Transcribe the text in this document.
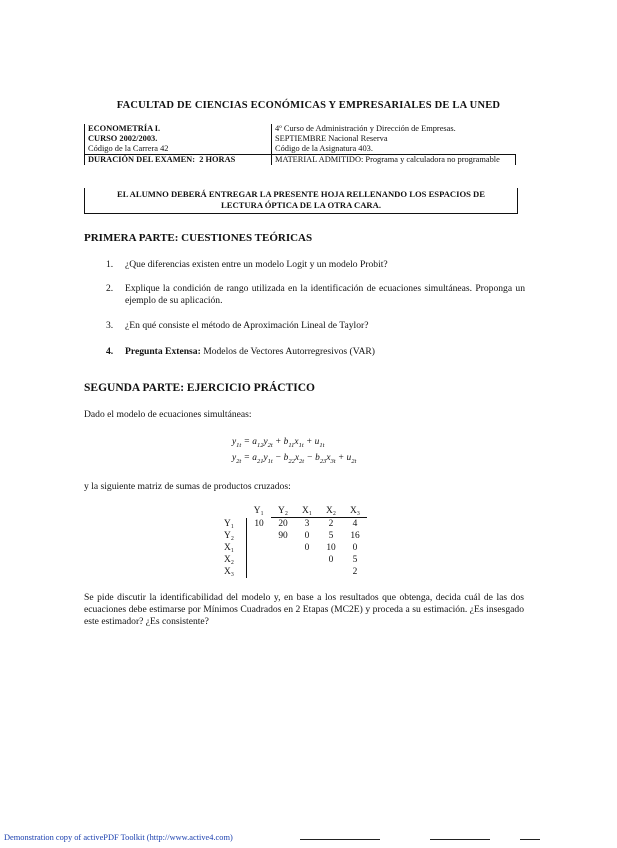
FACULTAD DE CIENCIAS ECONÓMICAS Y EMPRESARIALES DE LA UNED
ECONOMETRÍA I.	4º Curso de Administración y Dirección de Empresas.
CURSO 2002/2003.	SEPTIEMBRE Nacional Reserva
Código de la Carrera 42	Código de la Asignatura 403.
DURACIÓN DEL EXAMEN: 2 HORAS	MATERIAL ADMITIDO: Programa y calculadora no programable
EL ALUMNO DEBERÁ ENTREGAR LA PRESENTE HOJA RELLENANDO LOS ESPACIOS DE
LECTURA ÓPTICA DE LA OTRA CARA.
PRIMERA PARTE: CUESTIONES TEÓRICAS
1. ¿Que diferencias existen entre un modelo Logit y un modelo Probit?
2. Explique la condición de rango utilizada en la identificación de ecuaciones simultáneas. Proponga un ejemplo de su aplicación.
3. ¿En qué consiste el método de Aproximación Lineal de Taylor?
4. Pregunta Extensa: Modelos de Vectores Autorregresivos (VAR)
SEGUNDA PARTE: EJERCICIO PRÁCTICO
Dado el modelo de ecuaciones simultáneas:
$y_{1t} = a_{12}y_{2t} + b_{11}x_{1t} + u_{1t}$
$y_{2t} = a_{21}y_{1t} - b_{22}x_{2t} - b_{23}x_{3t} + u_{2t}$
y la siguiente matriz de sumas de productos cruzados:
	Y₁	Y₂	X₁	X₂	X₃
Y₁	10	20	3	2	4
Y₂		90	0	5	16
X₁			0	10	0
X₂				0	5
X₃					2
Se pide discutir la identificabilidad del modelo y, en base a los resultados que obtenga, decida cuál de las dos ecuaciones debe estimarse por Mínimos Cuadrados en 2 Etapas (MC2E) y proceda a su estimación. ¿Es insesgado este estimador? ¿Es consistente?
Demonstration copy of activePDF Toolkit (http://www.active4.com)
